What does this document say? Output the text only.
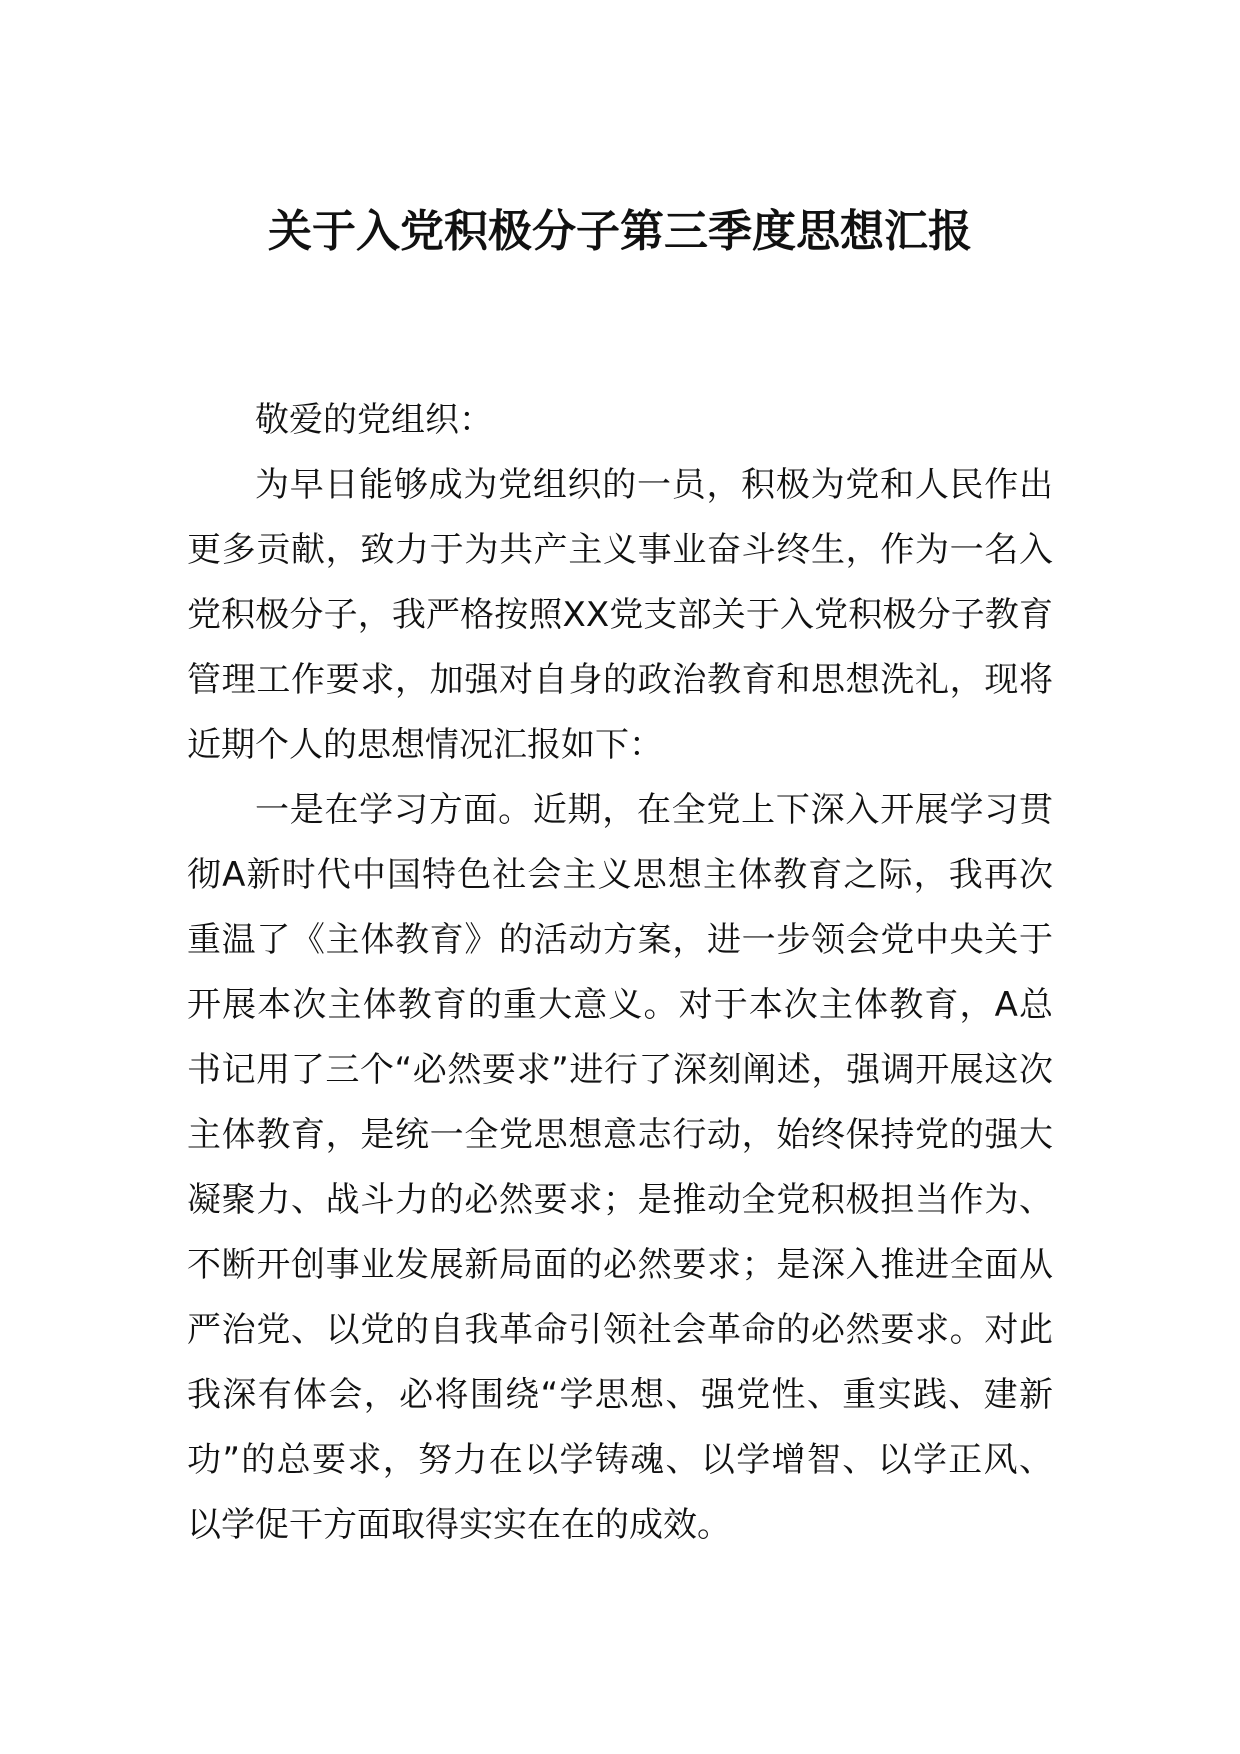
关于入党积极分子第三季度思想汇报

敬爱的党组织：

为早日能够成为党组织的一员，积极为党和人民作出更多贡献，致力于为共产主义事业奋斗终生，作为一名入党积极分子，我严格按照XX党支部关于入党积极分子教育管理工作要求，加强对自身的政治教育和思想洗礼，现将近期个人的思想情况汇报如下：

一是在学习方面。近期，在全党上下深入开展学习贯彻A新时代中国特色社会主义思想主体教育之际，我再次重温了《主体教育》的活动方案，进一步领会党中央关于开展本次主体教育的重大意义。对于本次主体教育，A总书记用了三个“必然要求”进行了深刻阐述，强调开展这次主体教育，是统一全党思想意志行动，始终保持党的强大凝聚力、战斗力的必然要求；是推动全党积极担当作为、不断开创事业发展新局面的必然要求；是深入推进全面从严治党、以党的自我革命引领社会革命的必然要求。对此我深有体会，必将围绕“学思想、强党性、重实践、建新功”的总要求，努力在以学铸魂、以学增智、以学正风、以学促干方面取得实实在在的成效。
